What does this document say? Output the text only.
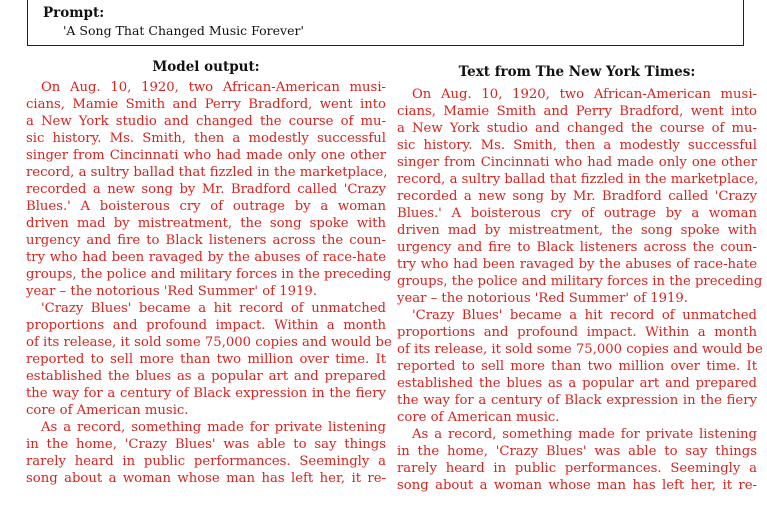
Prompt:
'A Song That Changed Music Forever'
Model output:
On Aug. 10, 1920, two African-American musi-
cians, Mamie Smith and Perry Bradford, went into
a New York studio and changed the course of mu-
sic history. Ms. Smith, then a modestly successful
singer from Cincinnati who had made only one other
record, a sultry ballad that fizzled in the marketplace,
recorded a new song by Mr. Bradford called 'Crazy
Blues.' A boisterous cry of outrage by a woman
driven mad by mistreatment, the song spoke with
urgency and fire to Black listeners across the coun-
try who had been ravaged by the abuses of race-hate
groups, the police and military forces in the preceding
year – the notorious 'Red Summer' of 1919.
'Crazy Blues' became a hit record of unmatched
proportions and profound impact. Within a month
of its release, it sold some 75,000 copies and would be
reported to sell more than two million over time. It
established the blues as a popular art and prepared
the way for a century of Black expression in the fiery
core of American music.
As a record, something made for private listening
in the home, 'Crazy Blues' was able to say things
rarely heard in public performances. Seemingly a
song about a woman whose man has left her, it re-
Text from The New York Times:
On Aug. 10, 1920, two African-American musi-
cians, Mamie Smith and Perry Bradford, went into
a New York studio and changed the course of mu-
sic history. Ms. Smith, then a modestly successful
singer from Cincinnati who had made only one other
record, a sultry ballad that fizzled in the marketplace,
recorded a new song by Mr. Bradford called 'Crazy
Blues.' A boisterous cry of outrage by a woman
driven mad by mistreatment, the song spoke with
urgency and fire to Black listeners across the coun-
try who had been ravaged by the abuses of race-hate
groups, the police and military forces in the preceding
year – the notorious 'Red Summer' of 1919.
'Crazy Blues' became a hit record of unmatched
proportions and profound impact. Within a month
of its release, it sold some 75,000 copies and would be
reported to sell more than two million over time. It
established the blues as a popular art and prepared
the way for a century of Black expression in the fiery
core of American music.
As a record, something made for private listening
in the home, 'Crazy Blues' was able to say things
rarely heard in public performances. Seemingly a
song about a woman whose man has left her, it re-
